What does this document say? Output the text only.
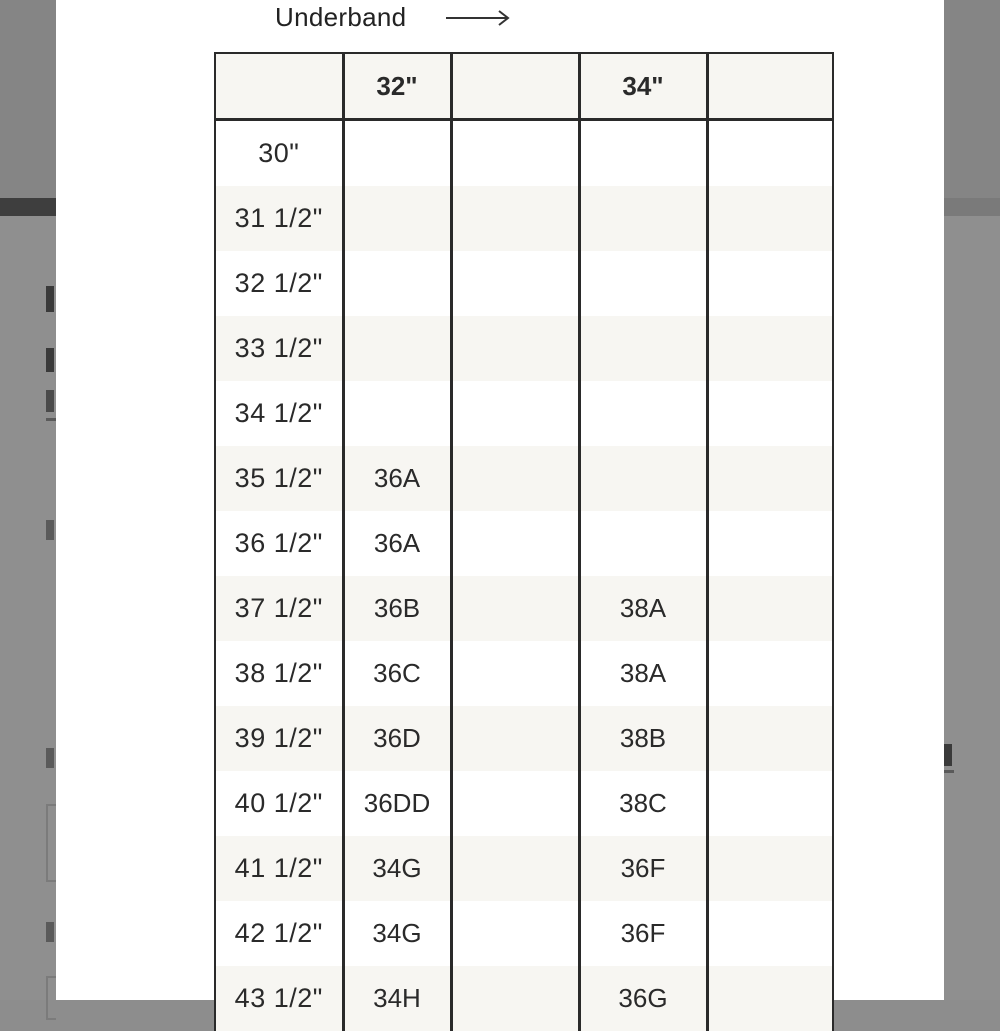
Underband
	32"		34"	
30"				
31 1/2"				
32 1/2"				
33 1/2"				
34 1/2"				
35 1/2"	36A			
36 1/2"	36A			
37 1/2"	36B		38A	
38 1/2"	36C		38A	
39 1/2"	36D		38B	
40 1/2"	36DD		38C	
41 1/2"	34G		36F	
42 1/2"	34G		36F	
43 1/2"	34H		36G	
